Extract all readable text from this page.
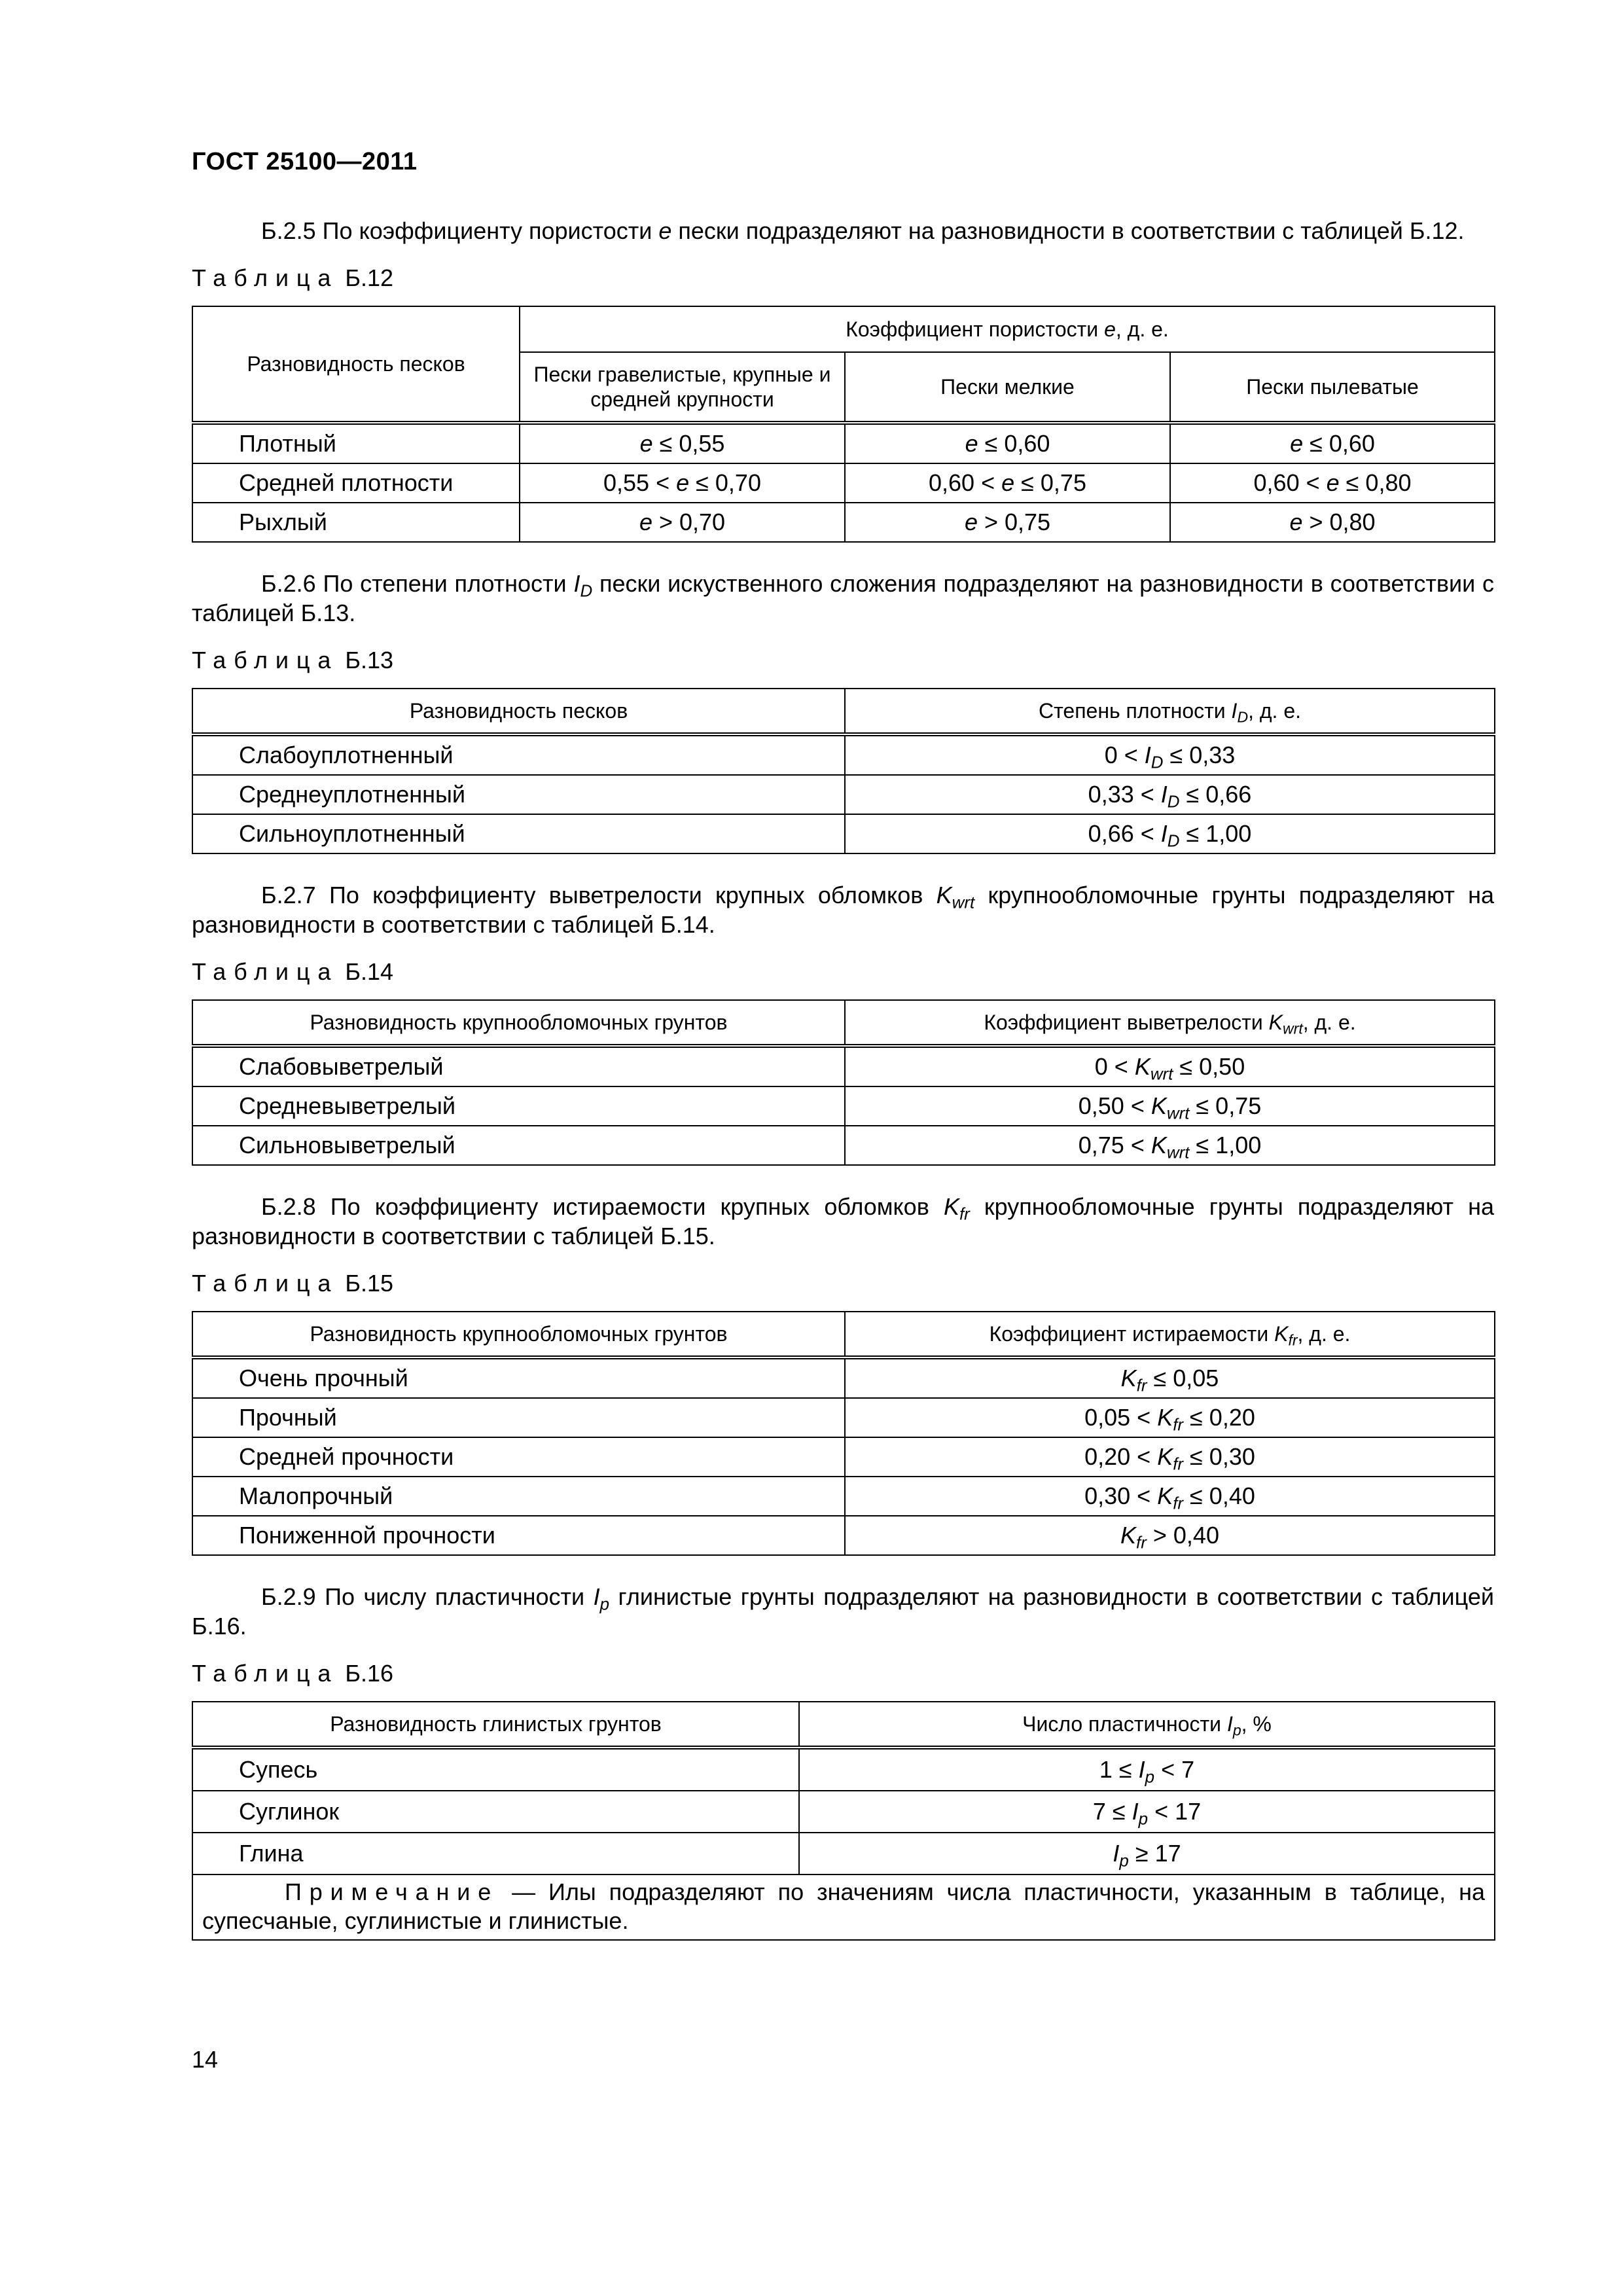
ГОСТ 25100—2011

Б.2.5 По коэффициенту пористости e пески подразделяют на разновидности в соответствии с таблицей Б.12.

Таблица Б.12
Разновидность песков	Коэффициент пористости e, д. е.		
	Пески гравелистые, крупные и средней крупности	Пески мелкие	Пески пылеватые
Плотный	e ≤ 0,55	e ≤ 0,60	e ≤ 0,60
Средней плотности	0,55 < e ≤ 0,70	0,60 < e ≤ 0,75	0,60 < e ≤ 0,80
Рыхлый	e > 0,70	e > 0,75	e > 0,80

Б.2.6 По степени плотности $I_D$ пески искуственного сложения подразделяют на разновидности в соответствии с таблицей Б.13.

Таблица Б.13
Разновидность песков	Степень плотности $I_D$, д. е.
Слабоуплотненный	$0 < I_D \le 0,33$
Среднеуплотненный	$0,33 < I_D \le 0,66$
Сильноуплотненный	$0,66 < I_D \le 1,00$

Б.2.7 По коэффициенту выветрелости крупных обломков $K_{wrt}$ крупнообломочные грунты подразделяют на разновидности в соответствии с таблицей Б.14.

Таблица Б.14
Разновидность крупнообломочных грунтов	Коэффициент выветрелости $K_{wrt}$, д. е.
Слабовыветрелый	$0 < K_{wrt} \le 0,50$
Средневыветрелый	$0,50 < K_{wrt} \le 0,75$
Сильновыветрелый	$0,75 < K_{wrt} \le 1,00$

Б.2.8 По коэффициенту истираемости крупных обломков $K_{fr}$ крупнообломочные грунты подразделяют на разновидности в соответствии с таблицей Б.15.

Таблица Б.15
Разновидность крупнообломочных грунтов	Коэффициент истираемости $K_{fr}$, д. е.
Очень прочный	$K_{fr} \le 0,05$
Прочный	$0,05 < K_{fr} \le 0,20$
Средней прочности	$0,20 < K_{fr} \le 0,30$
Малопрочный	$0,30 < K_{fr} \le 0,40$
Пониженной прочности	$K_{fr} > 0,40$

Б.2.9 По числу пластичности $I_p$ глинистые грунты подразделяют на разновидности в соответствии с таблицей Б.16.

Таблица Б.16
Разновидность глинистых грунтов	Число пластичности $I_p$, %
Супесь	$1 \le I_p < 7$
Суглинок	$7 \le I_p < 17$
Глина	$I_p \ge 17$
Примечание — Илы подразделяют по значениям числа пластичности, указанным в таблице, на супесчаные, суглинистые и глинистые.	
14
